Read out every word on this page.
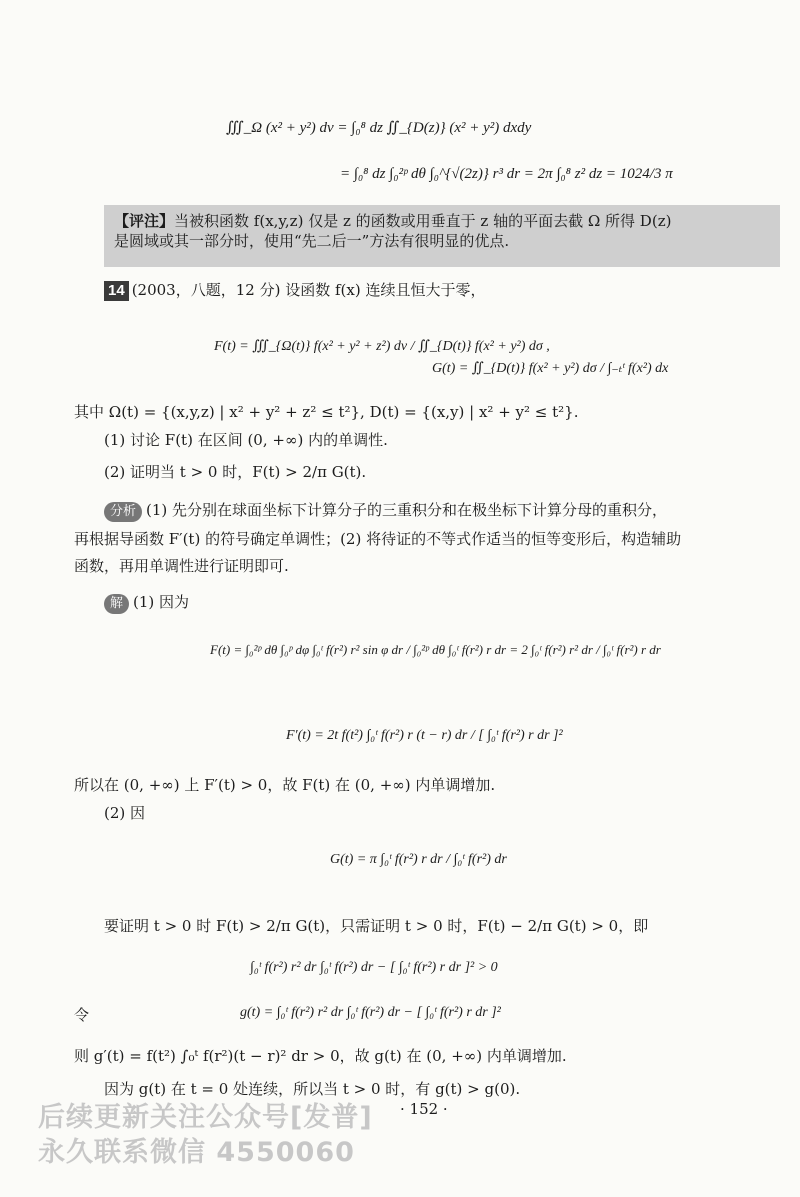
∭_Ω (x² + y²) dv = ∫₀⁸ dz ∬_{D(z)} (x² + y²) dxdy
= ∫₀⁸ dz ∫₀²ᵖ dθ ∫₀^{√(2z)} r³ dr = 2π ∫₀⁸ z² dz = 1024/3 π
【评注】当被积函数 f(x,y,z) 仅是 z 的函数或用垂直于 z 轴的平面去截 Ω 所得 D(z)
是圆域或其一部分时，使用“先二后一”方法有很明显的优点.
14 (2003，八题，12 分) 设函数 f(x) 连续且恒大于零，
F(t) = ∭_{Ω(t)} f(x² + y² + z²) dv / ∬_{D(t)} f(x² + y²) dσ ,
G(t) = ∬_{D(t)} f(x² + y²) dσ / ∫₋ₜᵗ f(x²) dx
其中 Ω(t) = {(x,y,z) | x² + y² + z² ≤ t²}, D(t) = {(x,y) | x² + y² ≤ t²}.
(1) 讨论 F(t) 在区间 (0, +∞) 内的单调性.
(2) 证明当 t > 0 时，F(t) > 2/π G(t).
分析 (1) 先分别在球面坐标下计算分子的三重积分和在极坐标下计算分母的重积分，
再根据导函数 F′(t) 的符号确定单调性；(2) 将待证的不等式作适当的恒等变形后，构造辅助
函数，再用单调性进行证明即可.
解 (1) 因为
F(t) = ∫₀²ᵖ dθ ∫₀ᵖ dφ ∫₀ᵗ f(r²) r² sin φ dr / ∫₀²ᵖ dθ ∫₀ᵗ f(r²) r dr = 2 ∫₀ᵗ f(r²) r² dr / ∫₀ᵗ f(r²) r dr
F′(t) = 2t f(t²) ∫₀ᵗ f(r²) r (t − r) dr / [ ∫₀ᵗ f(r²) r dr ]²
所以在 (0, +∞) 上 F′(t) > 0，故 F(t) 在 (0, +∞) 内单调增加.
(2) 因
G(t) = π ∫₀ᵗ f(r²) r dr / ∫₀ᵗ f(r²) dr
要证明 t > 0 时 F(t) > 2/π G(t)，只需证明 t > 0 时，F(t) − 2/π G(t) > 0，即
∫₀ᵗ f(r²) r² dr ∫₀ᵗ f(r²) dr − [ ∫₀ᵗ f(r²) r dr ]² > 0
令	g(t) = ∫₀ᵗ f(r²) r² dr ∫₀ᵗ f(r²) dr − [ ∫₀ᵗ f(r²) r dr ]²
则 g′(t) = f(t²) ∫₀ᵗ f(r²)(t − r)² dr > 0，故 g(t) 在 (0, +∞) 内单调增加.
因为 g(t) 在 t = 0 处连续，所以当 t > 0 时，有 g(t) > g(0).
· 152 ·
后续更新关注公众号[发普]
永久联系微信 4550060
